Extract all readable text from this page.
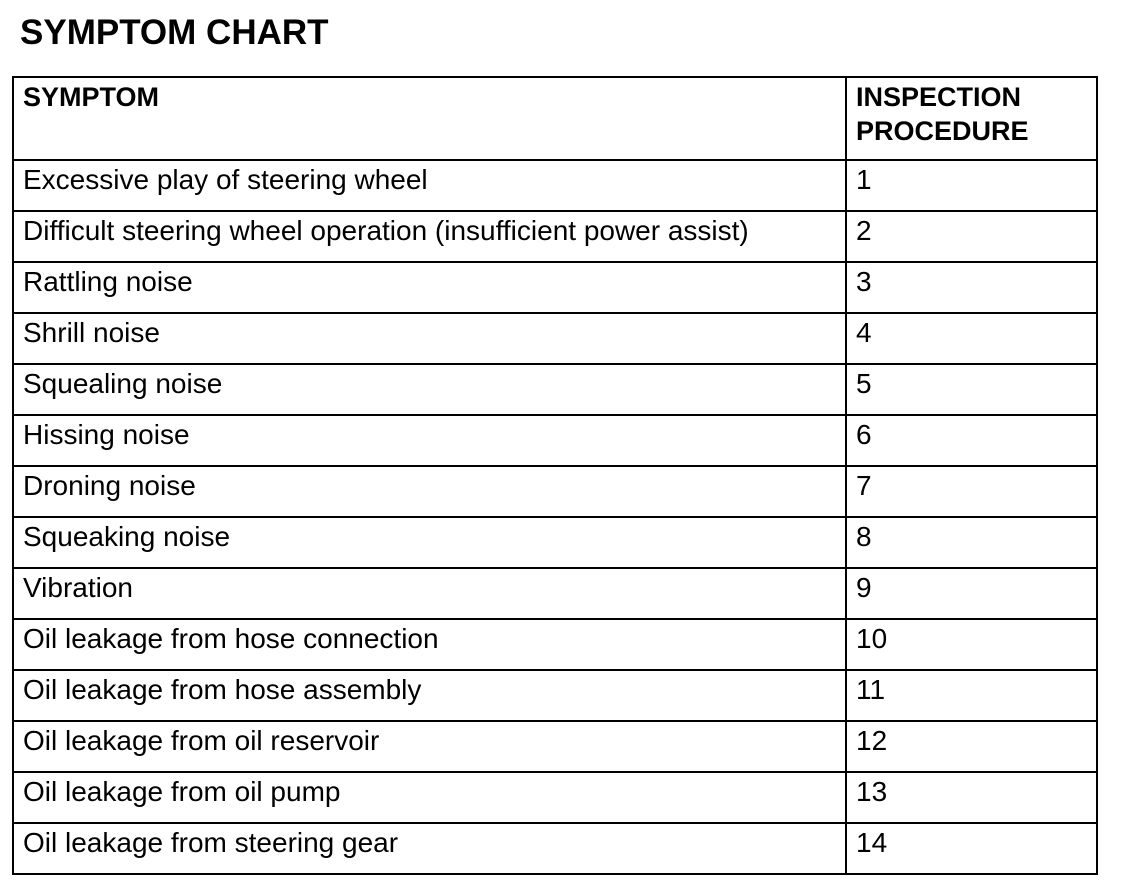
SYMPTOM CHART
SYMPTOM	INSPECTION
PROCEDURE
Excessive play of steering wheel	1
Difficult steering wheel operation (insufficient power assist)	2
Rattling noise	3
Shrill noise	4
Squealing noise	5
Hissing noise	6
Droning noise	7
Squeaking noise	8
Vibration	9
Oil leakage from hose connection	10
Oil leakage from hose assembly	11
Oil leakage from oil reservoir	12
Oil leakage from oil pump	13
Oil leakage from steering gear	14
